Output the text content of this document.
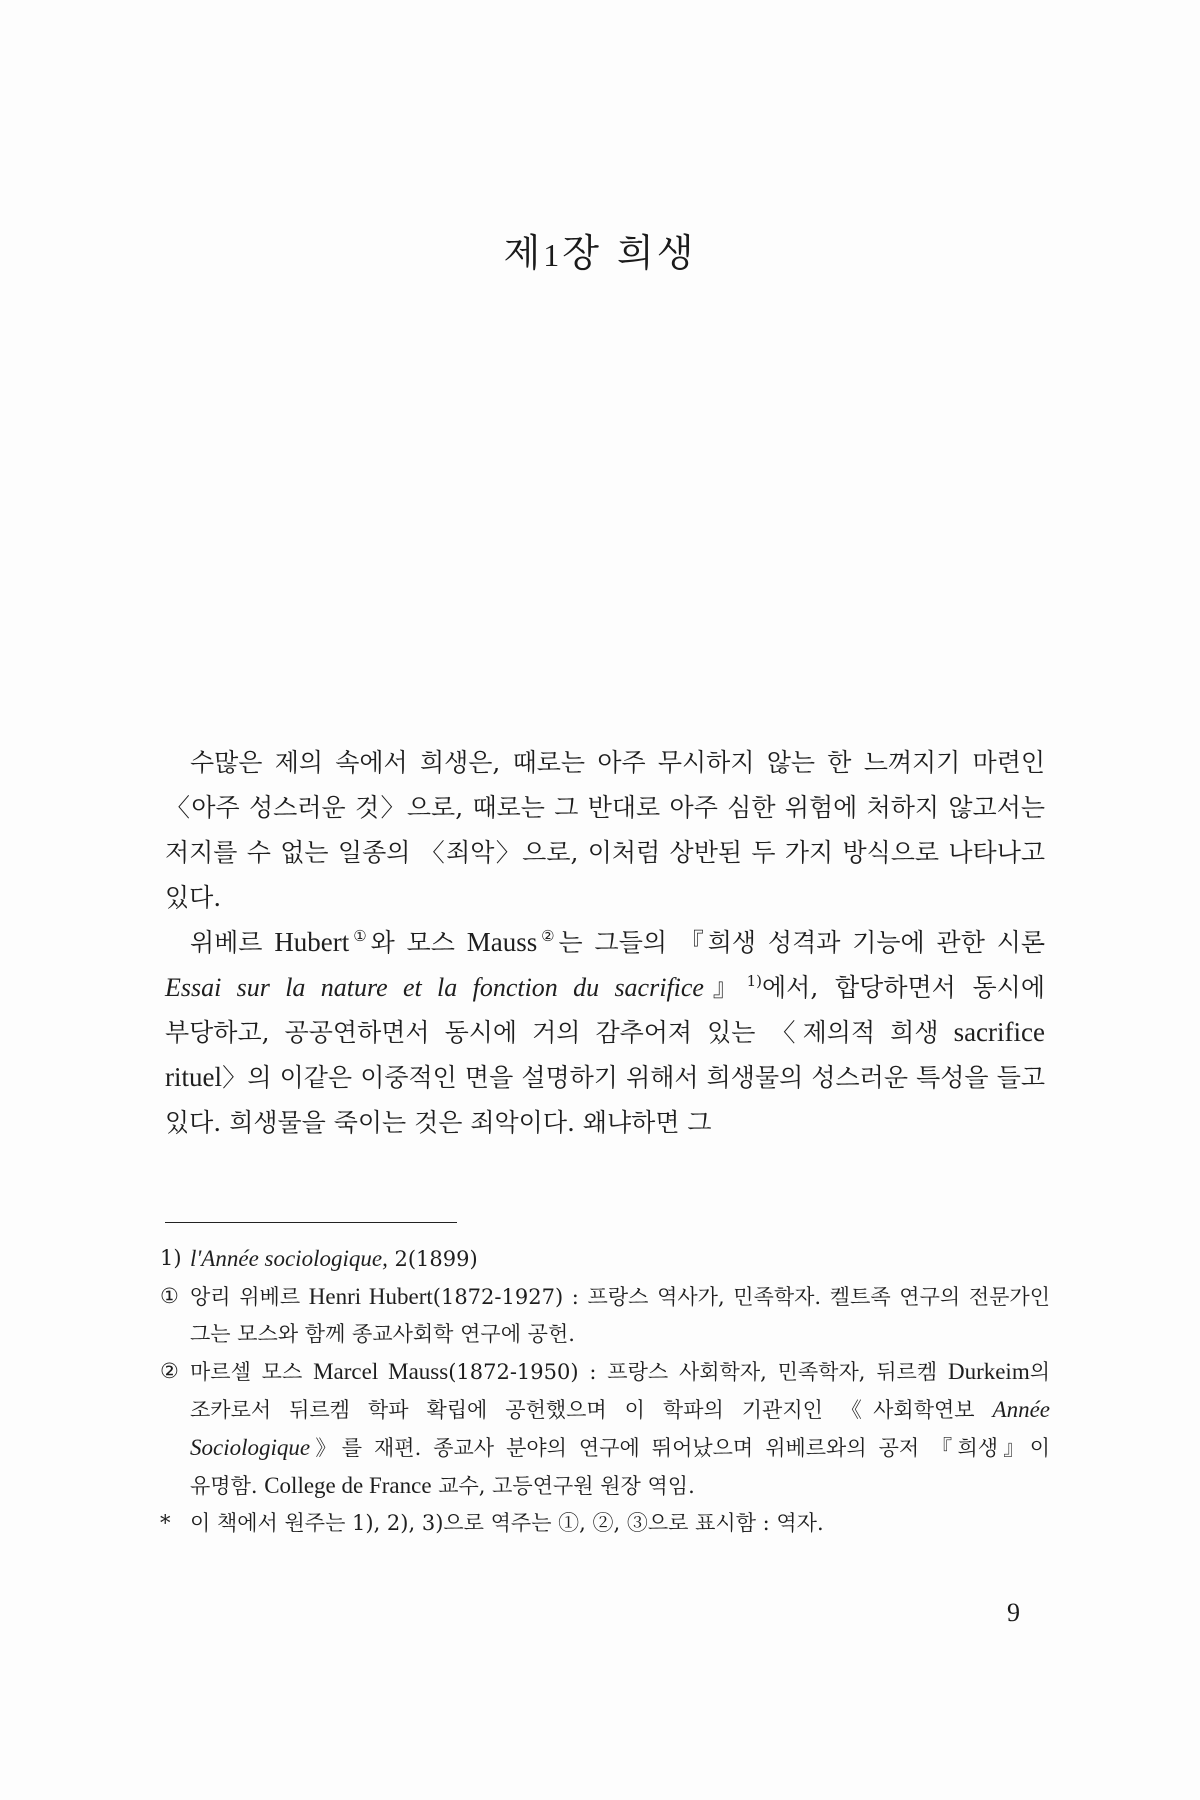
제1장 희생

수많은 제의 속에서 희생은, 때로는 아주 무시하지 않는 한 느껴지기 마련인 〈아주 성스러운 것〉으로, 때로는 그 반대로 아주 심한 위험에 처하지 않고서는 저지를 수 없는 일종의 〈죄악〉으로, 이처럼 상반된 두 가지 방식으로 나타나고 있다.

위베르 Hubert①와 모스 Mauss②는 그들의 『희생 성격과 기능에 관한 시론 Essai sur la nature et la fonction du sacrifice』$^{1)}$에서, 합당하면서 동시에 부당하고, 공공연하면서 동시에 거의 감추어져 있는 〈제의적 희생 sacrifice rituel〉의 이같은 이중적인 면을 설명하기 위해서 희생물의 성스러운 특성을 들고 있다. 희생물을 죽이는 것은 죄악이다. 왜냐하면 그

1) l'Année sociologique, 2(1899)
① 앙리 위베르 Henri Hubert(1872-1927) : 프랑스 역사가, 민족학자. 켈트족 연구의 전문가인 그는 모스와 함께 종교사회학 연구에 공헌.
② 마르셀 모스 Marcel Mauss(1872-1950) : 프랑스 사회학자, 민족학자, 뒤르켐 Durkeim의 조카로서 뒤르켐 학파 확립에 공헌했으며 이 학파의 기관지인 《사회학연보 Année Sociologique》를 재편. 종교사 분야의 연구에 뛰어났으며 위베르와의 공저 『희생』이 유명함. College de France 교수, 고등연구원 원장 역임.
* 이 책에서 원주는 1), 2), 3)으로 역주는 ①, ②, ③으로 표시함 : 역자.
9
